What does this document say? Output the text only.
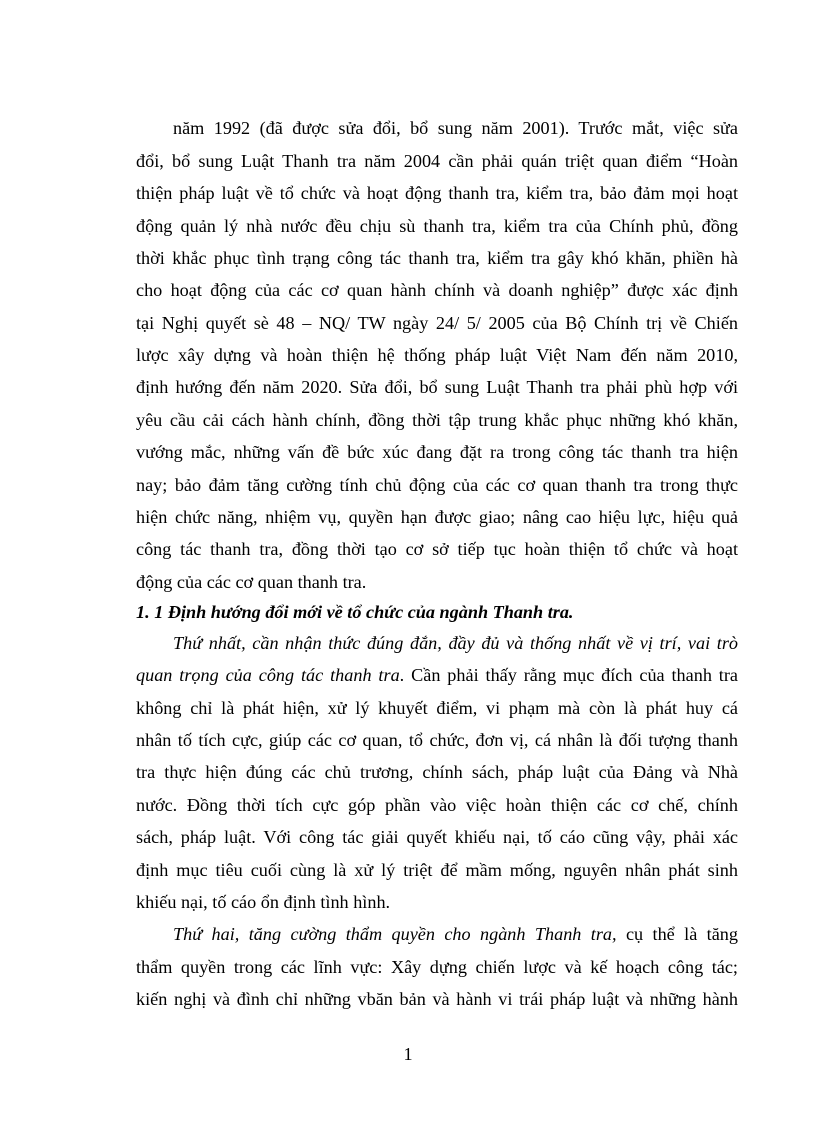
năm 1992 (đã được sửa đổi, bổ sung năm 2001). Trước mắt, việc sửa
đổi, bổ sung Luật Thanh tra năm 2004 cần phải quán triệt quan điểm “Hoàn
thiện pháp luật về tổ chức và hoạt động thanh tra, kiểm tra, bảo đảm mọi hoạt
động quản lý nhà nước đều chịu sù thanh tra, kiểm tra của Chính phủ, đồng
thời khắc phục tình trạng công tác thanh tra, kiểm tra gây khó khăn, phiền hà
cho hoạt động của các cơ quan hành chính và doanh nghiệp” được xác định
tại Nghị quyết sè 48 – NQ/ TW ngày 24/ 5/ 2005 của Bộ Chính trị về Chiến
lược xây dựng và hoàn thiện hệ thống pháp luật Việt Nam đến năm 2010,
định hướng đến năm 2020. Sửa đổi, bổ sung Luật Thanh tra phải phù hợp với
yêu cầu cải cách hành chính, đồng thời tập trung khắc phục những khó khăn,
vướng mắc, những vấn đề bức xúc đang đặt ra trong công tác thanh tra hiện
nay; bảo đảm tăng cường tính chủ động của các cơ quan thanh tra trong thực
hiện chức năng, nhiệm vụ, quyền hạn được giao; nâng cao hiệu lực, hiệu quả
công tác thanh tra, đồng thời tạo cơ sở tiếp tục hoàn thiện tổ chức và hoạt
động của các cơ quan thanh tra.
1. 1 Định hướng đổi mới về tổ chức của ngành Thanh tra.
Thứ nhất, cần nhận thức đúng đắn, đầy đủ và thống nhất về vị trí, vai trò
quan trọng của công tác thanh tra. Cần phải thấy rằng mục đích của thanh tra
không chỉ là phát hiện, xử lý khuyết điểm, vi phạm mà còn là phát huy cá
nhân tố tích cực, giúp các cơ quan, tổ chức, đơn vị, cá nhân là đối tượng thanh
tra thực hiện đúng các chủ trương, chính sách, pháp luật của Đảng và Nhà
nước. Đồng thời tích cực góp phần vào việc hoàn thiện các cơ chế, chính
sách, pháp luật. Với công tác giải quyết khiếu nại, tố cáo cũng vậy, phải xác
định mục tiêu cuối cùng là xử lý triệt để mầm mống, nguyên nhân phát sinh
khiếu nại, tố cáo ổn định tình hình.
Thứ hai, tăng cường thẩm quyền cho ngành Thanh tra, cụ thể là tăng
thẩm quyền trong các lĩnh vực: Xây dựng chiến lược và kế hoạch công tác;
kiến nghị và đình chỉ những vbăn bản và hành vi trái pháp luật và những hành
1
